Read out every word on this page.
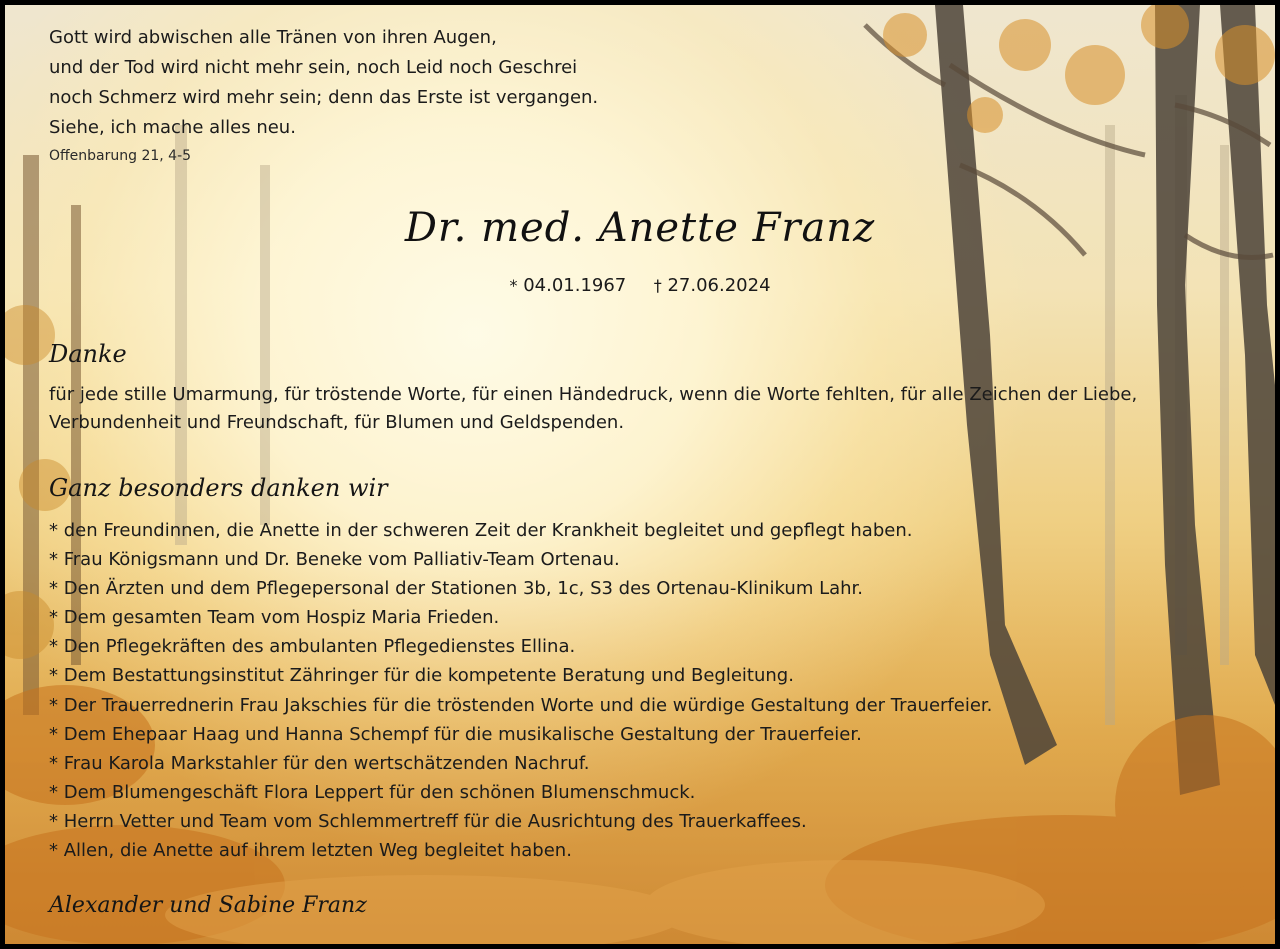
Gott wird abwischen alle Tränen von ihren Augen,
und der Tod wird nicht mehr sein, noch Leid noch Geschrei
noch Schmerz wird mehr sein; denn das Erste ist vergangen.
Siehe, ich mache alles neu.
Offenbarung 21, 4-5
Dr. med. Anette Franz
* 04.01.1967 † 27.06.2024
Danke
für jede stille Umarmung, für tröstende Worte, für einen Händedruck, wenn die Worte fehlten, für alle Zeichen der Liebe, Verbundenheit und Freundschaft, für Blumen und Geldspenden.
Ganz besonders danken wir
* den Freundinnen, die Anette in der schweren Zeit der Krankheit begleitet und gepflegt haben.
* Frau Königsmann und Dr. Beneke vom Palliativ-Team Ortenau.
* Den Ärzten und dem Pflegepersonal der Stationen 3b, 1c, S3 des Ortenau-Klinikum Lahr.
* Dem gesamten Team vom Hospiz Maria Frieden.
* Den Pflegekräften des ambulanten Pflegedienstes Ellina.
* Dem Bestattungsinstitut Zähringer für die kompetente Beratung und Begleitung.
* Der Trauerrednerin Frau Jakschies für die tröstenden Worte und die würdige Gestaltung der Trauerfeier.
* Dem Ehepaar Haag und Hanna Schempf für die musikalische Gestaltung der Trauerfeier.
* Frau Karola Markstahler für den wertschätzenden Nachruf.
* Dem Blumengeschäft Flora Leppert für den schönen Blumenschmuck.
* Herrn Vetter und Team vom Schlemmertreff für die Ausrichtung des Trauerkaffees.
* Allen, die Anette auf ihrem letzten Weg begleitet haben.
Alexander und Sabine Franz
